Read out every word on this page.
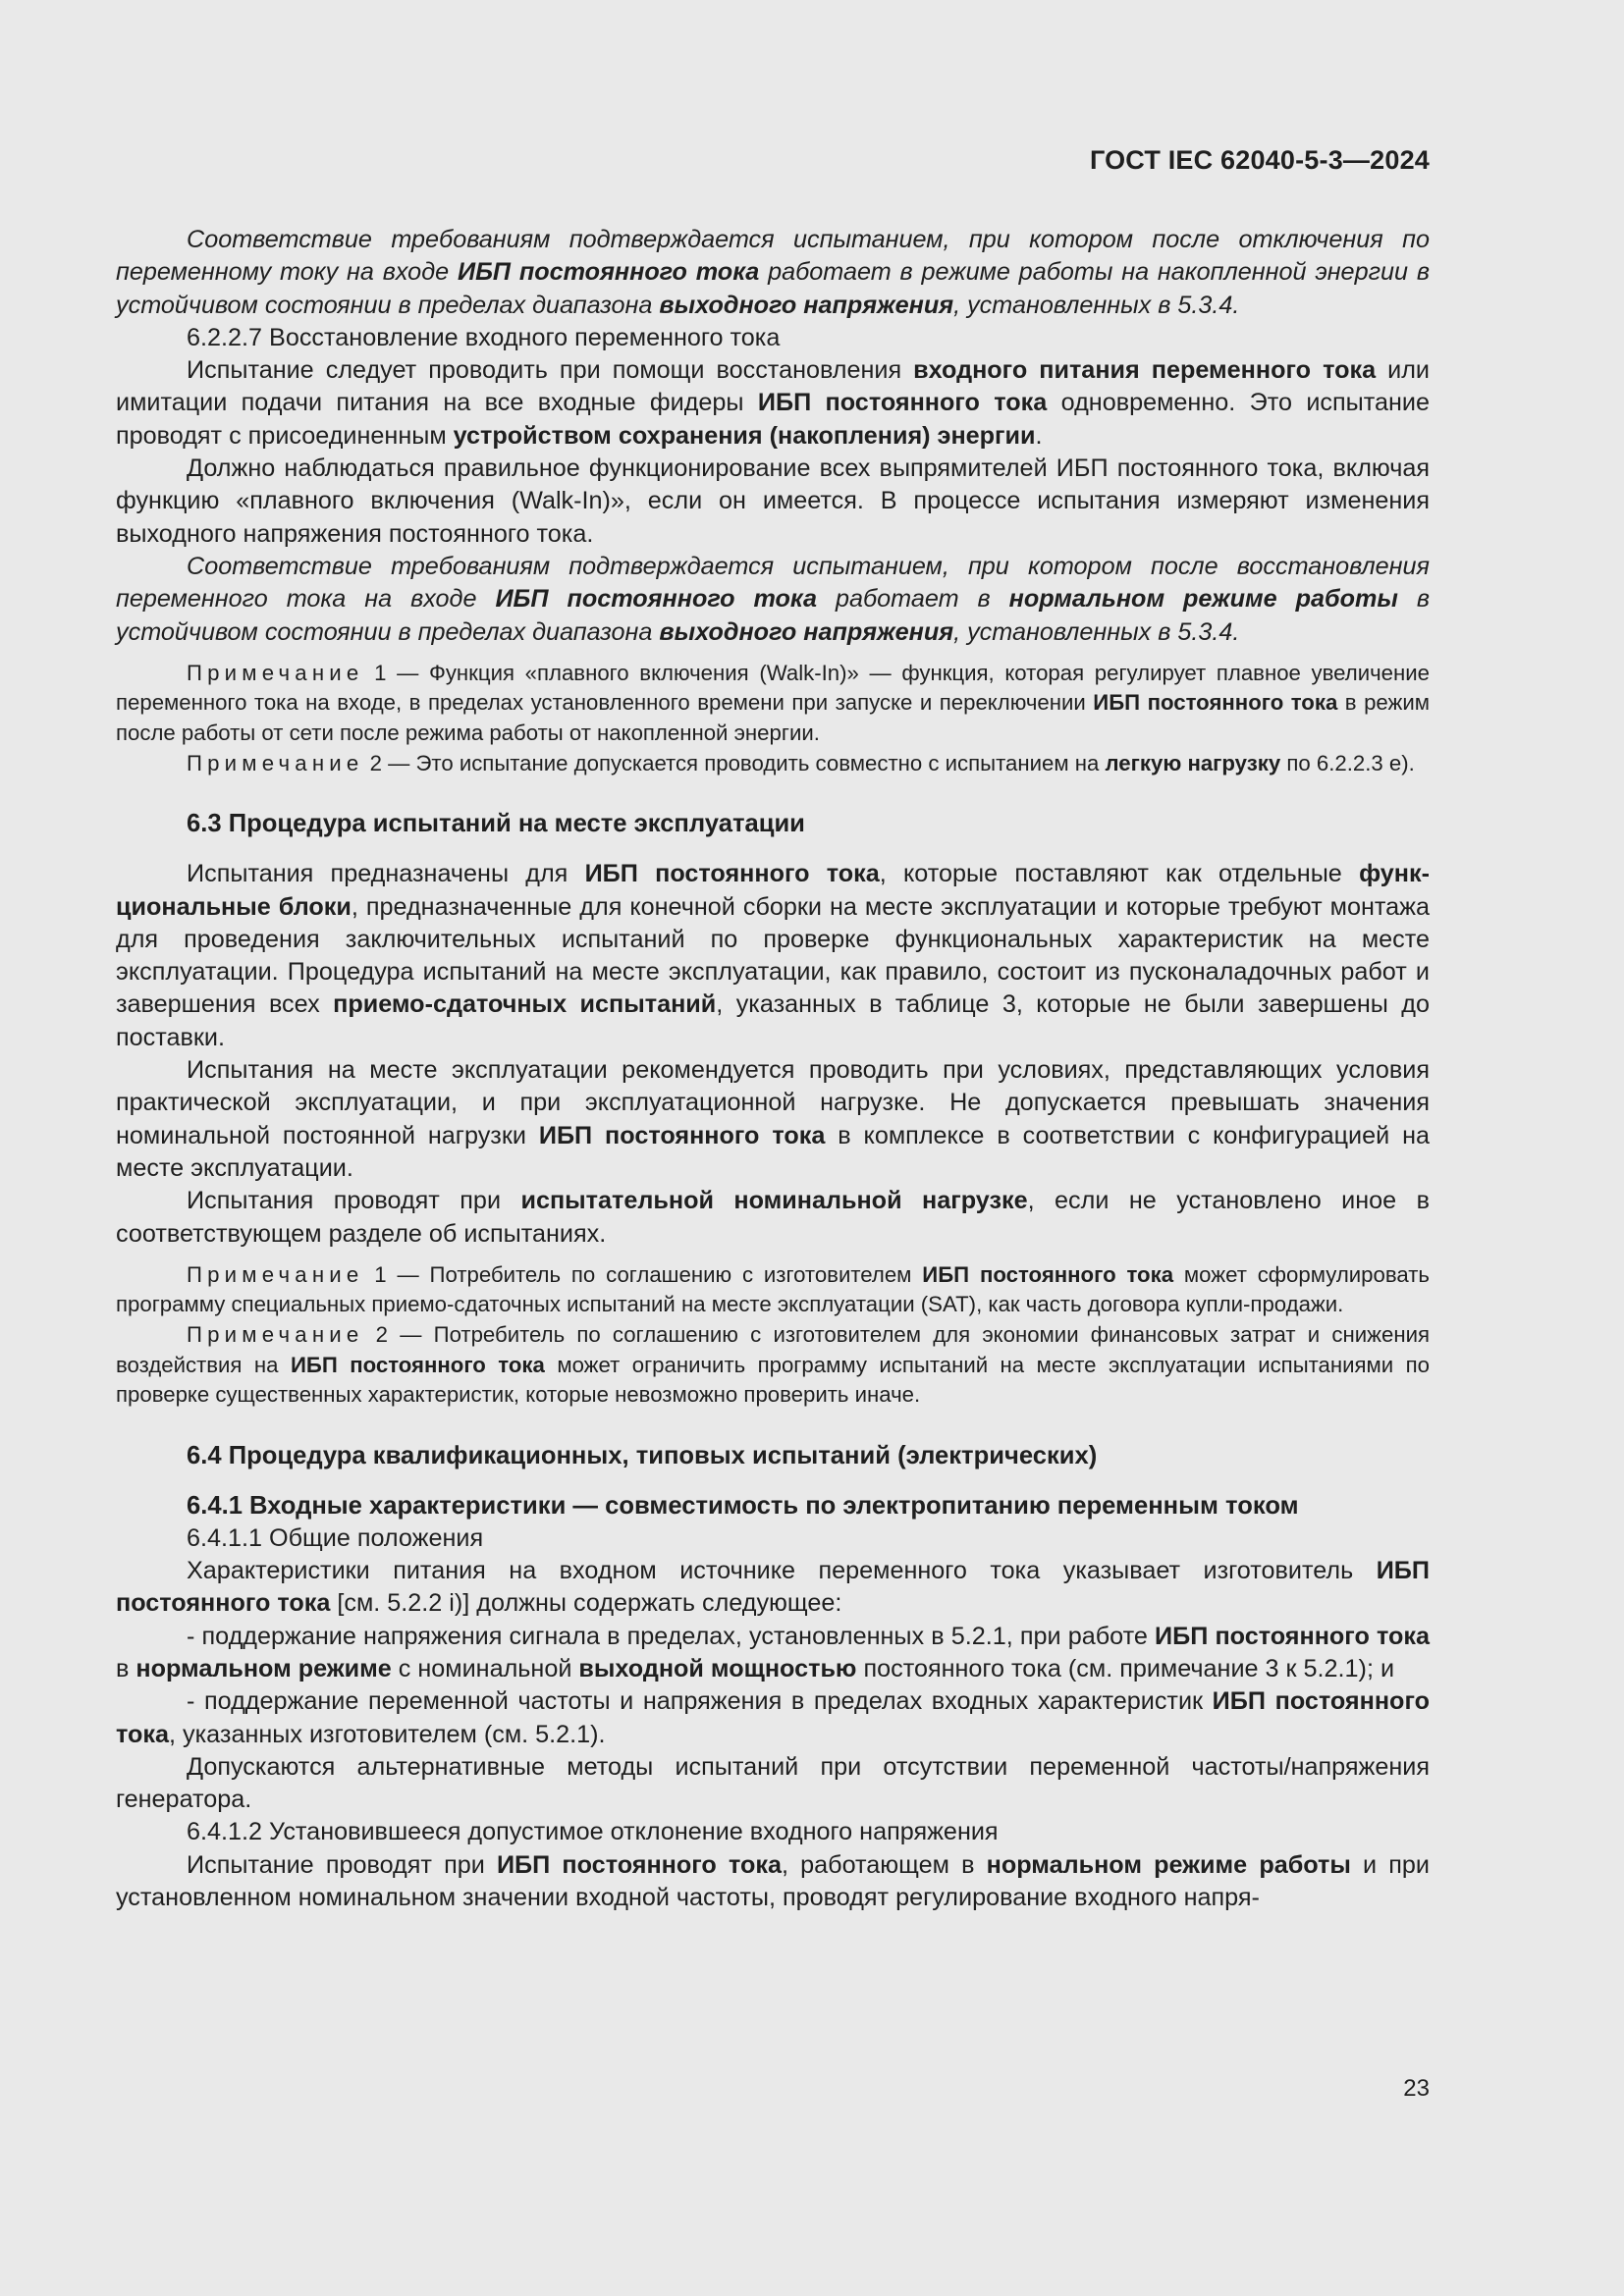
ГОСТ IEC 62040-5-3—2024

Соответствие требованиям подтверждается испытанием, при котором после отключения по переменному току на входе ИБП постоянного тока работает в режиме работы на накопленной энергии в устойчивом состоянии в пределах диапазона выходного напряжения, установленных в 5.3.4.

6.2.2.7 Восстановление входного переменного тока

Испытание следует проводить при помощи восстановления входного питания переменного тока или имитации подачи питания на все входные фидеры ИБП постоянного тока одновременно. Это испытание проводят с присоединенным устройством сохранения (накопления) энергии.

Должно наблюдаться правильное функционирование всех выпрямителей ИБП постоянного тока, включая функцию «плавного включения (Walk-In)», если он имеется. В процессе испытания измеряют изменения выходного напряжения постоянного тока.

Соответствие требованиям подтверждается испытанием, при котором после восстановления переменного тока на входе ИБП постоянного тока работает в нормальном режиме работы в устойчивом состоянии в пределах диапазона выходного напряжения, установленных в 5.3.4.

Примечание 1 — Функция «плавного включения (Walk-In)» — функция, которая регулирует плавное увеличение переменного тока на входе, в пределах установленного времени при запуске и переключении ИБП постоянного тока в режим после работы от сети после режима работы от накопленной энергии.

Примечание 2 — Это испытание допускается проводить совместно с испытанием на легкую нагрузку по 6.2.2.3 е).

6.3 Процедура испытаний на месте эксплуатации

Испытания предназначены для ИБП постоянного тока, которые поставляют как отдельные функциональные блоки, предназначенные для конечной сборки на месте эксплуатации и которые требуют монтажа для проведения заключительных испытаний по проверке функциональных характеристик на месте эксплуатации. Процедура испытаний на месте эксплуатации, как правило, состоит из пусконаладочных работ и завершения всех приемо-сдаточных испытаний, указанных в таблице 3, которые не были завершены до поставки.

Испытания на месте эксплуатации рекомендуется проводить при условиях, представляющих условия практической эксплуатации, и при эксплуатационной нагрузке. Не допускается превышать значения номинальной постоянной нагрузки ИБП постоянного тока в комплексе в соответствии с конфигурацией на месте эксплуатации.

Испытания проводят при испытательной номинальной нагрузке, если не установлено иное в соответствующем разделе об испытаниях.

Примечание 1 — Потребитель по соглашению с изготовителем ИБП постоянного тока может сформулировать программу специальных приемо-сдаточных испытаний на месте эксплуатации (SAT), как часть договора купли-продажи.

Примечание 2 — Потребитель по соглашению с изготовителем для экономии финансовых затрат и снижения воздействия на ИБП постоянного тока может ограничить программу испытаний на месте эксплуатации испытаниями по проверке существенных характеристик, которые невозможно проверить иначе.

6.4 Процедура квалификационных, типовых испытаний (электрических)
6.4.1 Входные характеристики — совместимость по электропитанию переменным током

6.4.1.1 Общие положения

Характеристики питания на входном источнике переменного тока указывает изготовитель ИБП постоянного тока [см. 5.2.2 i)] должны содержать следующее:

- поддержание напряжения сигнала в пределах, установленных в 5.2.1, при работе ИБП постоянного тока в нормальном режиме с номинальной выходной мощностью постоянного тока (см. примечание 3 к 5.2.1); и

- поддержание переменной частоты и напряжения в пределах входных характеристик ИБП постоянного тока, указанных изготовителем (см. 5.2.1).

Допускаются альтернативные методы испытаний при отсутствии переменной частоты/напряжения генератора.

6.4.1.2 Установившееся допустимое отклонение входного напряжения

Испытание проводят при ИБП постоянного тока, работающем в нормальном режиме работы и при установленном номинальном значении входной частоты, проводят регулирование входного напря-

23
